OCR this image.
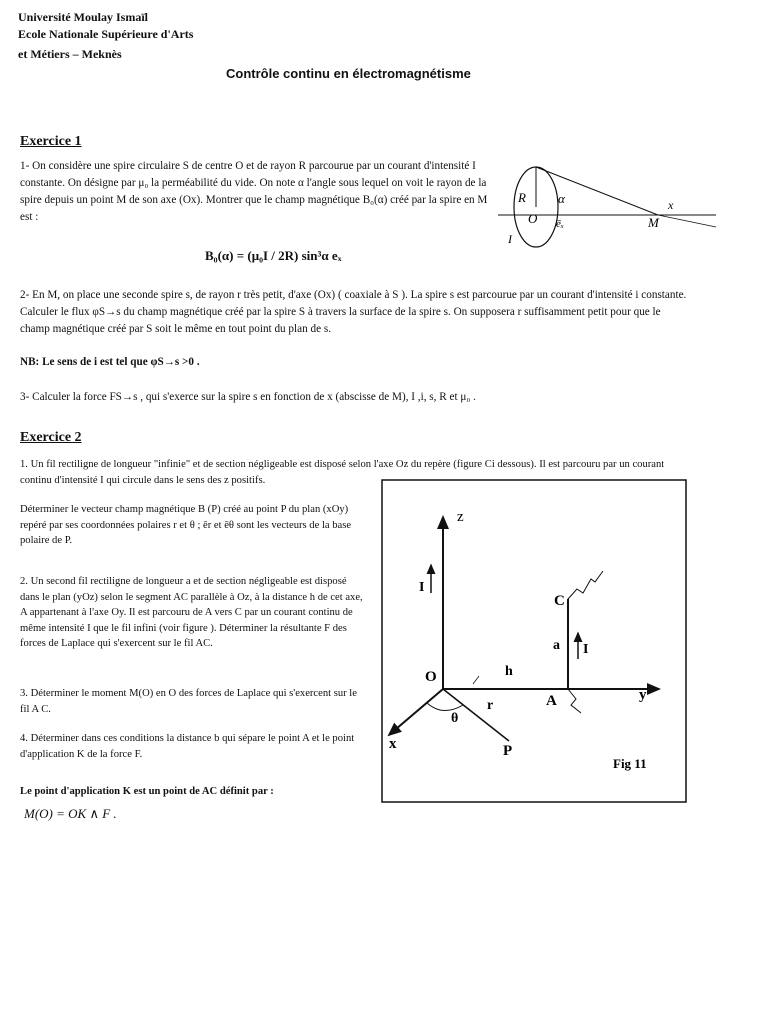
Université Moulay Ismaïl
Ecole Nationale Supérieure d'Arts
et Métiers – Meknès
Contrôle continu en électromagnétisme
Exercice 1
1- On considère une spire circulaire S de centre O et de rayon R parcourue par un courant d'intensité I constante. On désigne par μ₀ la perméabilité du vide. On note α l'angle sous lequel on voit le rayon de la spire depuis un point M de son axe (Ox). Montrer que le champ magnétique B₀(α) créé par la spire en M est :
B₀(α) = (μ₀I / 2R) sin³α eₓ
R
O
I
α
ēₓ	M
x
2- En M, on place une seconde spire s, de rayon r très petit, d'axe (Ox) ( coaxiale à S ). La spire s est parcourue par un courant d'intensité i constante. Calculer le flux φS→s du champ magnétique créé par la spire S à travers la surface de la spire s. On supposera r suffisamment petit pour que le champ magnétique créé par S soit le même en tout point du plan de s.
NB: Le sens de i est tel que φS→s >0 .
3- Calculer la force FS→s , qui s'exerce sur la spire s en fonction de x (abscisse de M), I ,i, s, R et μ₀ .
Exercice 2
1. Un fil rectiligne de longueur "infinie" et de section négligeable est disposé selon l'axe Oz du repère (figure Ci dessous). Il est parcouru par un courant continu d'intensité I qui circule dans le sens des z positifs.
Déterminer le vecteur champ magnétique B (P) créé au point P du plan (xOy) repéré par ses coordonnées polaires r et θ ; ēr et ēθ sont les vecteurs de la base polaire de P.
2. Un second fil rectiligne de longueur a et de section négligeable est disposé dans le plan (yOz) selon le segment AC parallèle à Oz, à la distance h de cet axe, A appartenant à l'axe Oy. Il est parcouru de A vers C par un courant continu de même intensité I que le fil infini (voir figure ). Déterminer la résultante F des forces de Laplace qui s'exercent sur le fil AC.
3. Déterminer le moment M(O) en O des forces de Laplace qui s'exercent sur le fil A C.
4. Déterminer dans ces conditions la distance b qui sépare le point A et le point d'application K de la force F.
Le point d'application K est un point de AC définit par :
M(O) = OK ∧ F .
z
I
y
x
O	h
C
a I
A
r
P
θ
Fig 11
